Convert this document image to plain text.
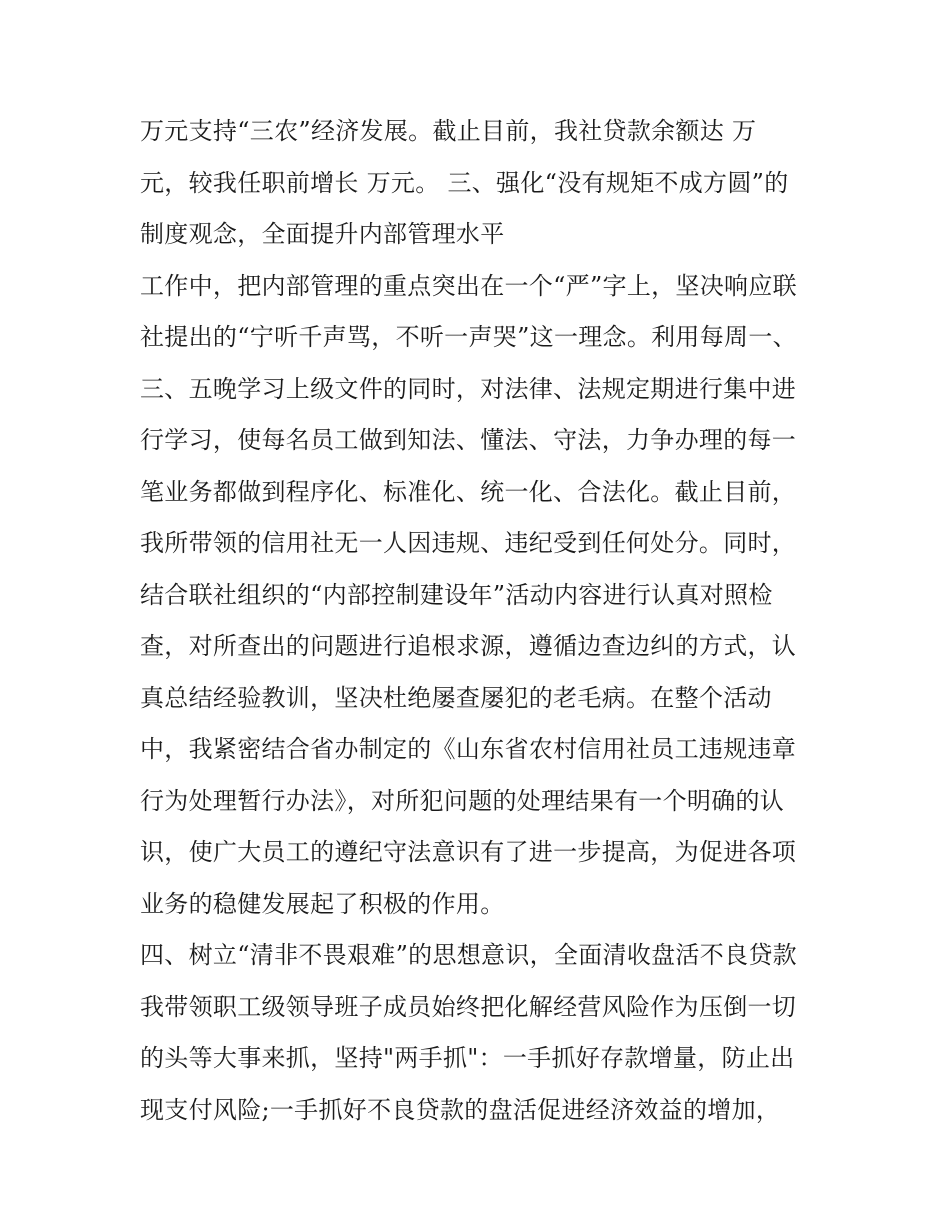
万元支持“三农”经济发展。截止目前，我社贷款余额达 万
元，较我任职前增长 万元。 三、强化“没有规矩不成方圆”的
制度观念，全面提升内部管理水平
工作中，把内部管理的重点突出在一个“严”字上，坚决响应联
社提出的“宁听千声骂，不听一声哭”这一理念。利用每周一、
三、五晚学习上级文件的同时，对法律、法规定期进行集中进
行学习，使每名员工做到知法、懂法、守法，力争办理的每一
笔业务都做到程序化、标准化、统一化、合法化。截止目前，
我所带领的信用社无一人因违规、违纪受到任何处分。同时，
结合联社组织的“内部控制建设年”活动内容进行认真对照检
查，对所查出的问题进行追根求源，遵循边查边纠的方式，认
真总结经验教训，坚决杜绝屡查屡犯的老毛病。在整个活动
中，我紧密结合省办制定的《山东省农村信用社员工违规违章
行为处理暂行办法》，对所犯问题的处理结果有一个明确的认
识，使广大员工的遵纪守法意识有了进一步提高，为促进各项
业务的稳健发展起了积极的作用。
四、树立“清非不畏艰难”的思想意识，全面清收盘活不良贷款
我带领职工级领导班子成员始终把化解经营风险作为压倒一切
的头等大事来抓，坚持"两手抓"：一手抓好存款增量，防止出
现支付风险;一手抓好不良贷款的盘活促进经济效益的增加，
